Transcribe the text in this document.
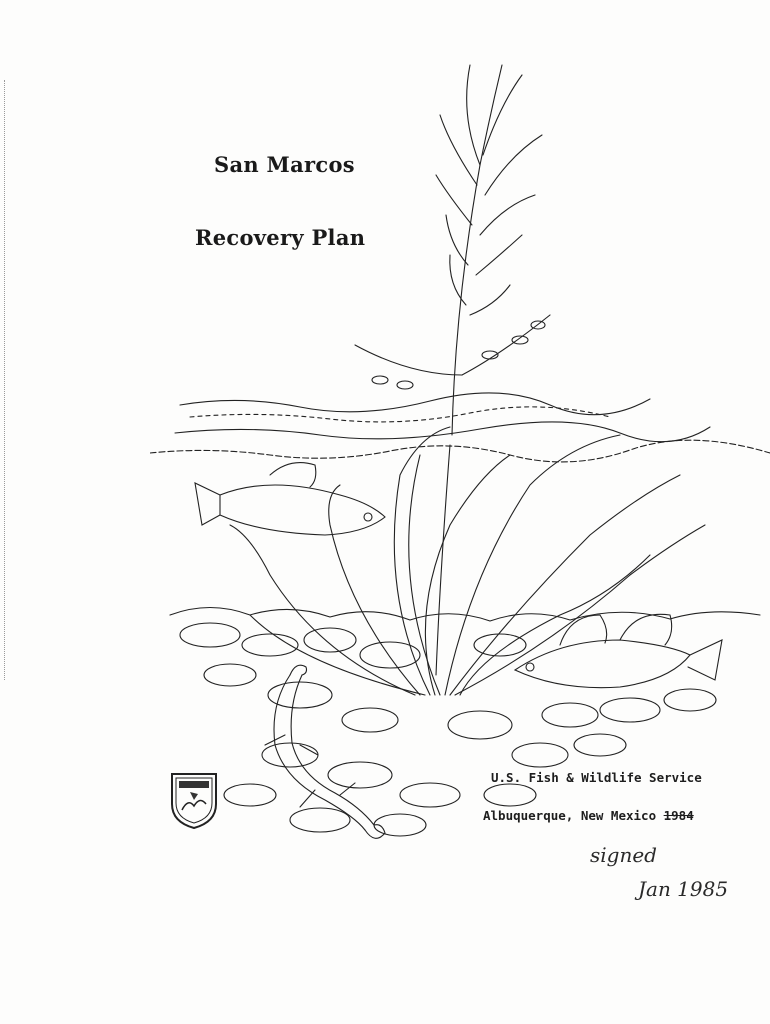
San Marcos
Recovery Plan
U.S. Fish & Wildlife Service
Albuquerque, New Mexico 1984
signed
Jan 1985
